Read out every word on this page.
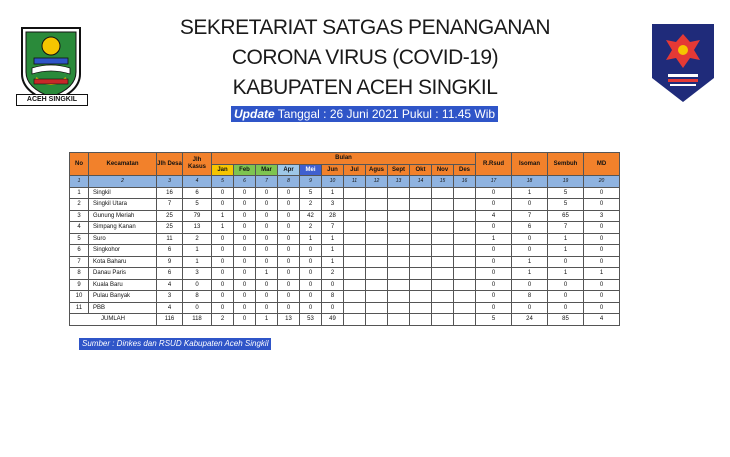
ACEH SINGKIL
SEKRETARIAT SATGAS PENANGANAN
CORONA VIRUS (COVID-19)
KABUPATEN ACEH SINGKIL
Update Tanggal : 26 Juni 2021 Pukul : 11.45 Wib
No	Kecamatan	Jlh Desa	Jlh Kasus	Bulan												R.Rsud	Isoman	Sembuh	MD
				Jan	Feb	Mar	Apr	Mei	Jun	Jul	Agus	Sept	Okt	Nov	Des				
1	2	3	4	5	6	7	8	9	10	11	12	13	14	15	16	17	18	19	20
1	Singkil	16	6	0	0	0	0	5	1							0	1	5	0
2	Singkil Utara	7	5	0	0	0	0	2	3							0	0	5	0
3	Gunung Meriah	25	79	1	0	0	0	42	28							4	7	65	3
4	Simpang Kanan	25	13	1	0	0	0	2	7							0	6	7	0
5	Suro	11	2	0	0	0	0	1	1							1	0	1	0
6	Singkohor	6	1	0	0	0	0	0	1							0	0	1	0
7	Kota Baharu	9	1	0	0	0	0	0	1							0	1	0	0
8	Danau Paris	6	3	0	0	1	0	0	2							0	1	1	1
9	Kuala Baru	4	0	0	0	0	0	0	0							0	0	0	0
10	Pulau Banyak	3	8	0	0	0	0	0	8							0	8	0	0
11	PBB	4	0	0	0	0	0	0	0							0	0	0	0
JUMLAH		116	118	2	0	1	13	53	49							5	24	85	4
Sumber : Dinkes dan RSUD Kabupaten Aceh Singkil
